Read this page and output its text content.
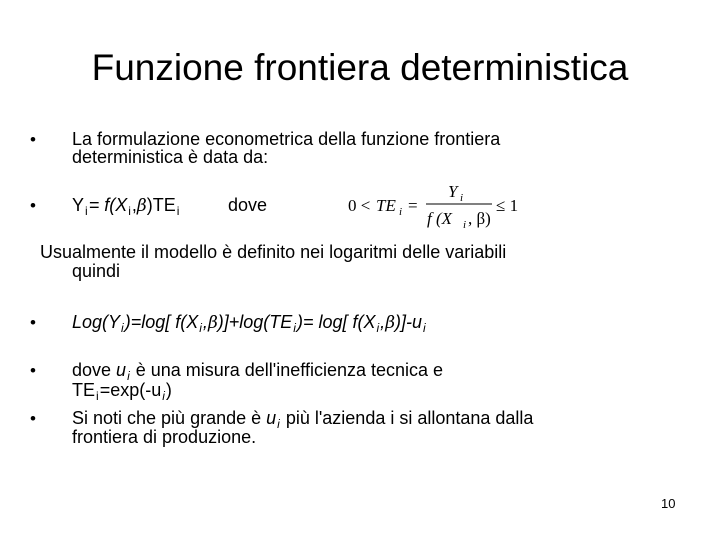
Funzione frontiera deterministica
• La formulazione econometrica della funzione frontiera
deterministica è data da:
• $Y_i= f(X_i,\beta)TE_i$	dove	0 < TE i =
Y i
f (X i , β)
≤ 1
Usualmente il modello è definito nei logaritmi delle variabili
quindi
• $Log(Y_i)=\log$[ $f(X_i,\beta)]+\log(TE_i)= \log$[ $f(X_i,\beta)]-u_i$
• dove $u_i$ è una misura dell'inefficienza tecnica e
$TE_i=\exp(-u_i)$
• Si noti che più grande è $u_i$ più l'azienda i si allontana dalla
frontiera di produzione.
10
